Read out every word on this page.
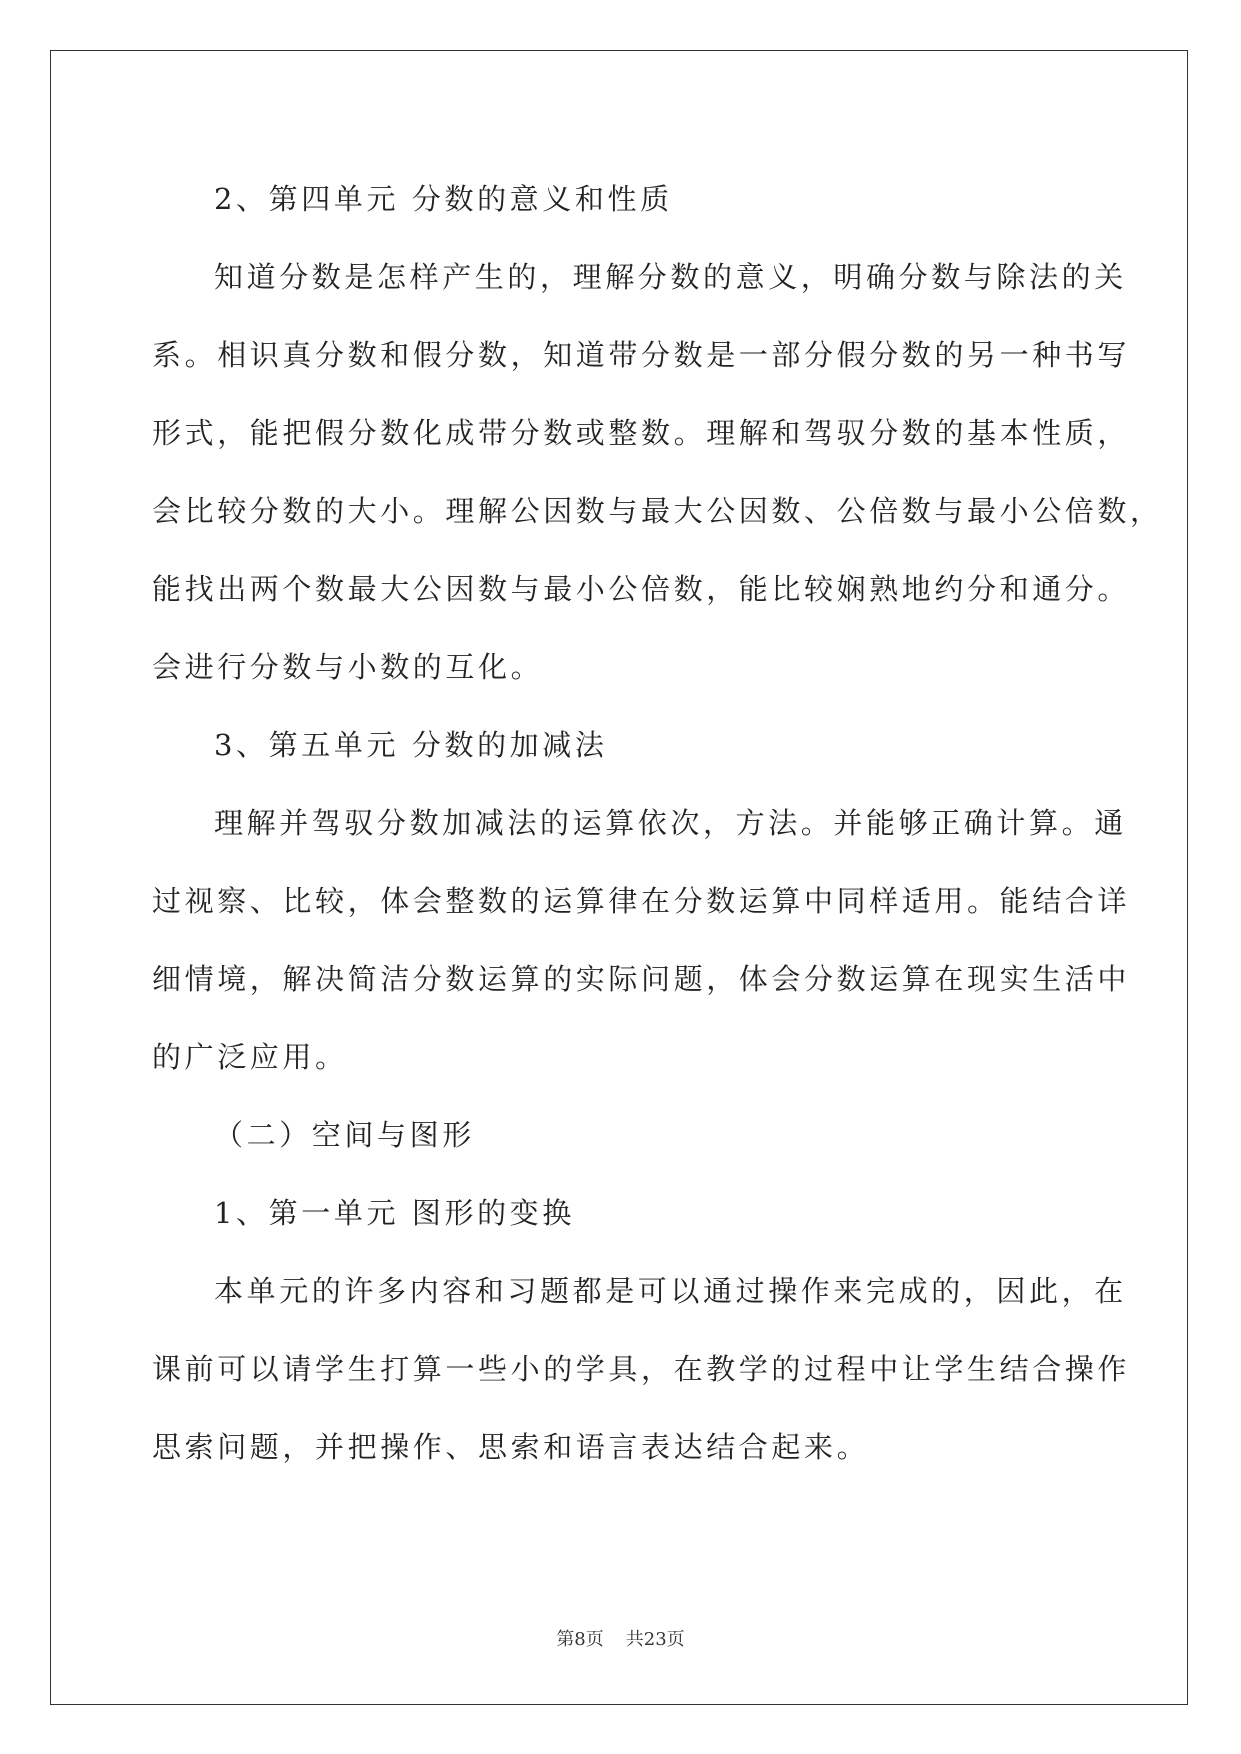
2、第四单元 分数的意义和性质
知道分数是怎样产生的，理解分数的意义，明确分数与除法的关
系。相识真分数和假分数，知道带分数是一部分假分数的另一种书写
形式，能把假分数化成带分数或整数。理解和驾驭分数的基本性质，
会比较分数的大小。理解公因数与最大公因数、公倍数与最小公倍数，
能找出两个数最大公因数与最小公倍数，能比较娴熟地约分和通分。
会进行分数与小数的互化。
3、第五单元 分数的加减法
理解并驾驭分数加减法的运算依次，方法。并能够正确计算。通
过视察、比较，体会整数的运算律在分数运算中同样适用。能结合详
细情境，解决简洁分数运算的实际问题，体会分数运算在现实生活中
的广泛应用。
（二）空间与图形
1、第一单元 图形的变换
本单元的许多内容和习题都是可以通过操作来完成的，因此，在
课前可以请学生打算一些小的学具，在教学的过程中让学生结合操作
思索问题，并把操作、思索和语言表达结合起来。
第8页 共23页
